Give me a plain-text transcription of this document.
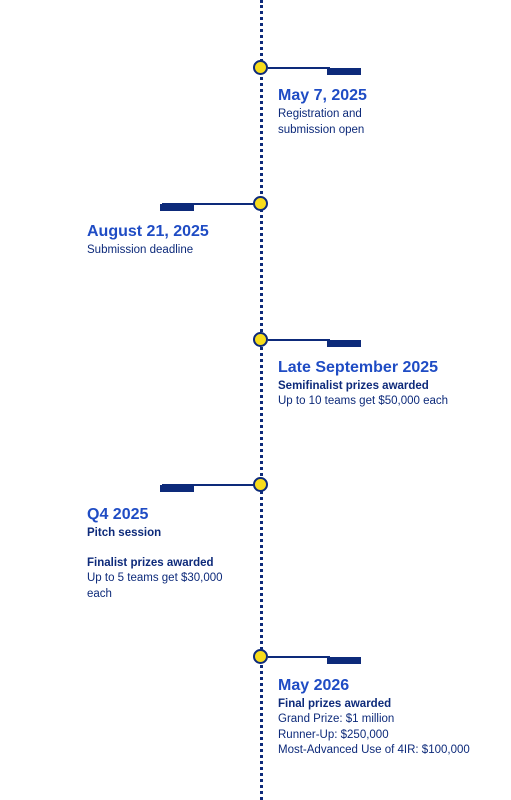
May 7, 2025
Registration and submission open
August 21, 2025
Submission deadline
Late September 2025
Semifinalist prizes awarded
Up to 10 teams get $50,000 each
Q4 2025
Pitch session
Finalist prizes awarded
Up to 5 teams get $30,000 each
May 2026
Final prizes awarded
Grand Prize: $1 million
Runner-Up: $250,000
Most-Advanced Use of 4IR: $100,000
